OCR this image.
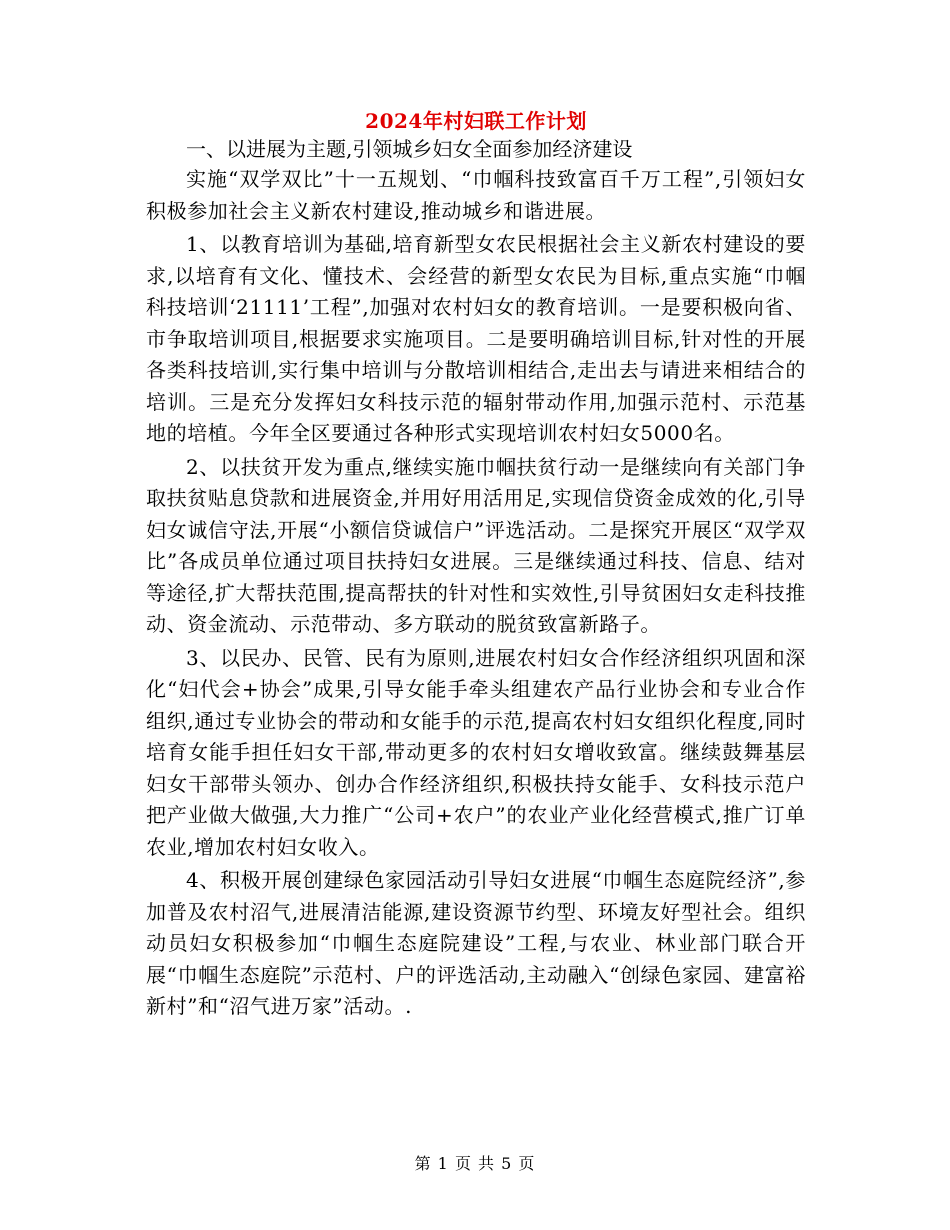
2024年村妇联工作计划

一、以进展为主题,引领城乡妇女全面参加经济建设

实施“双学双比”十一五规划、“巾帼科技致富百千万工程”,引领妇女积极参加社会主义新农村建设,推动城乡和谐进展。

1、以教育培训为基础,培育新型女农民根据社会主义新农村建设的要求,以培育有文化、懂技术、会经营的新型女农民为目标,重点实施“巾帼科技培训‘21111’工程”,加强对农村妇女的教育培训。一是要积极向省、市争取培训项目,根据要求实施项目。二是要明确培训目标,针对性的开展各类科技培训,实行集中培训与分散培训相结合,走出去与请进来相结合的培训。三是充分发挥妇女科技示范的辐射带动作用,加强示范村、示范基地的培植。今年全区要通过各种形式实现培训农村妇女5000名。

2、以扶贫开发为重点,继续实施巾帼扶贫行动一是继续向有关部门争取扶贫贴息贷款和进展资金,并用好用活用足,实现信贷资金成效的化,引导妇女诚信守法,开展“小额信贷诚信户”评选活动。二是探究开展区“双学双比”各成员单位通过项目扶持妇女进展。三是继续通过科技、信息、结对等途径,扩大帮扶范围,提高帮扶的针对性和实效性,引导贫困妇女走科技推动、资金流动、示范带动、多方联动的脱贫致富新路子。

3、以民办、民管、民有为原则,进展农村妇女合作经济组织巩固和深化“妇代会+协会”成果,引导女能手牵头组建农产品行业协会和专业合作组织,通过专业协会的带动和女能手的示范,提高农村妇女组织化程度,同时培育女能手担任妇女干部,带动更多的农村妇女增收致富。继续鼓舞基层妇女干部带头领办、创办合作经济组织,积极扶持女能手、女科技示范户把产业做大做强,大力推广“公司+农户”的农业产业化经营模式,推广订单农业,增加农村妇女收入。

4、积极开展创建绿色家园活动引导妇女进展“巾帼生态庭院经济”,参加普及农村沼气,进展清洁能源,建设资源节约型、环境友好型社会。组织动员妇女积极参加“巾帼生态庭院建设”工程,与农业、林业部门联合开展“巾帼生态庭院”示范村、户的评选活动,主动融入“创绿色家园、建富裕新村”和“沼气进万家”活动。.

第 1 页 共 5 页
